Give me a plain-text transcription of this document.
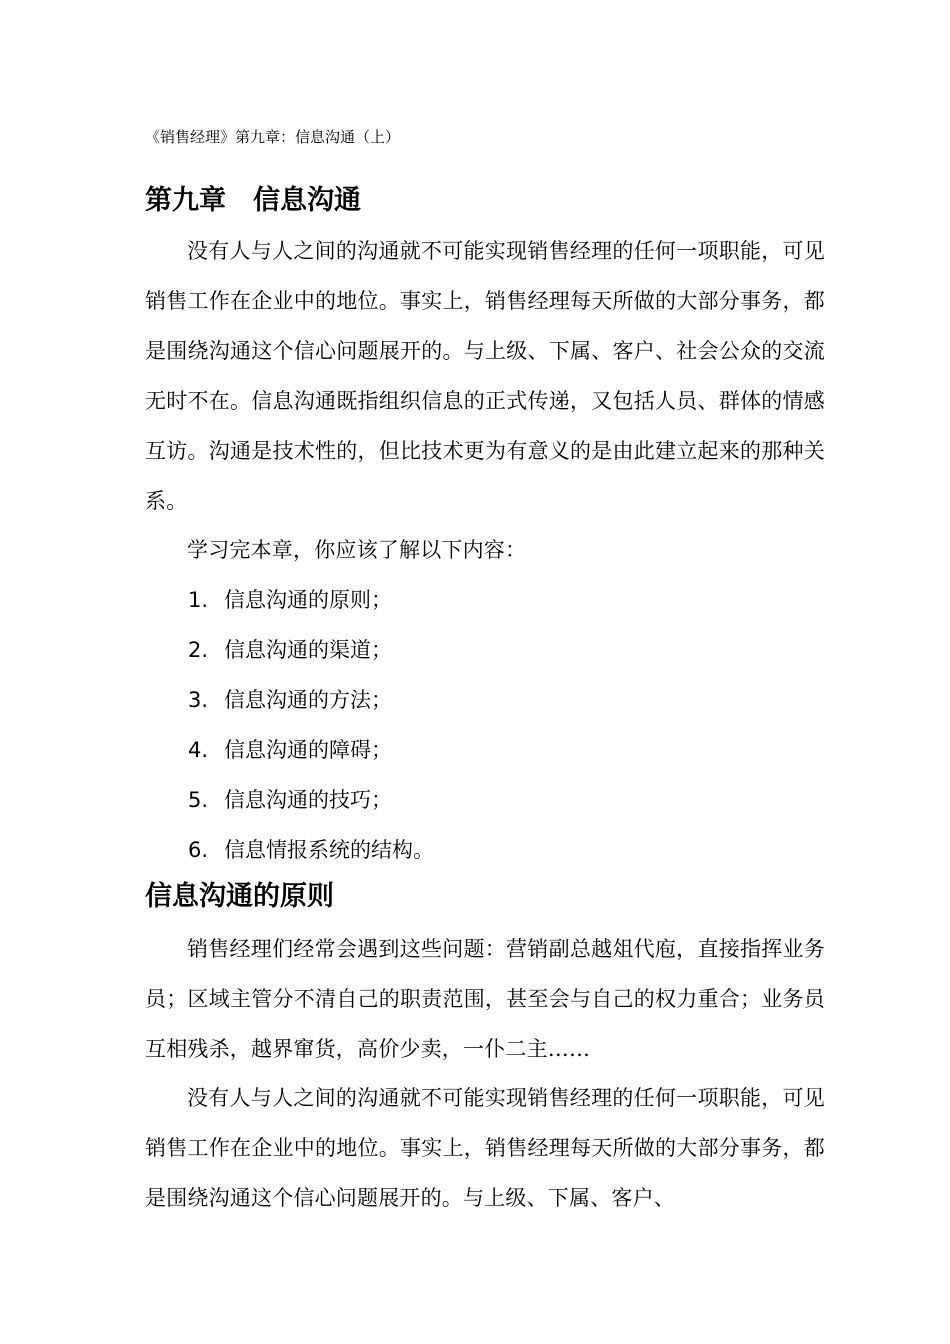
《销售经理》第九章：信息沟通（上）
第九章　信息沟通
没有人与人之间的沟通就不可能实现销售经理的任何一项职能，可见销售工作在企业中的地位。事实上，销售经理每天所做的大部分事务，都是围绕沟通这个信心问题展开的。与上级、下属、客户、社会公众的交流无时不在。信息沟通既指组织信息的正式传递，又包括人员、群体的情感互访。沟通是技术性的，但比技术更为有意义的是由此建立起来的那种关系。
学习完本章，你应该了解以下内容：
1. 信息沟通的原则；
2. 信息沟通的渠道；
3. 信息沟通的方法；
4. 信息沟通的障碍；
5. 信息沟通的技巧；
6. 信息情报系统的结构。
信息沟通的原则
销售经理们经常会遇到这些问题：营销副总越俎代庖，直接指挥业务员；区域主管分不清自己的职责范围，甚至会与自己的权力重合；业务员互相残杀，越界窜货，高价少卖，一仆二主……
没有人与人之间的沟通就不可能实现销售经理的任何一项职能，可见销售工作在企业中的地位。事实上，销售经理每天所做的大部分事务，都是围绕沟通这个信心问题展开的。与上级、下属、客户、
